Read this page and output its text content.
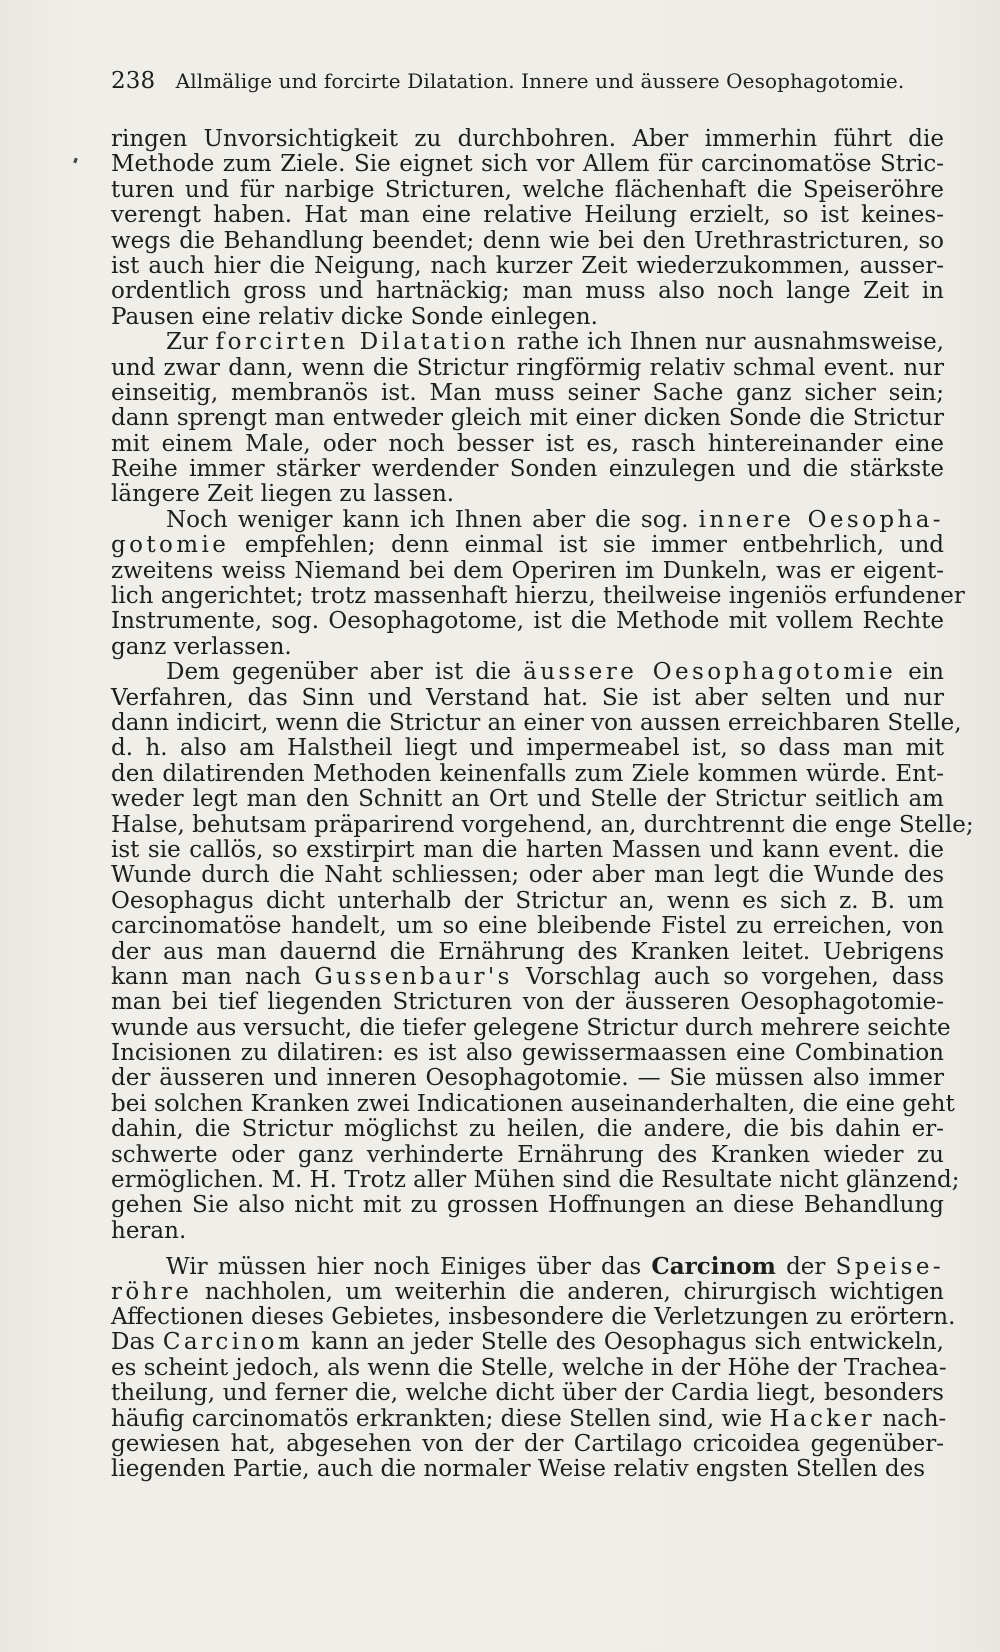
238 Allmälige und forcirte Dilatation. Innere und äussere Oesophagotomie.
ringen Unvorsichtigkeit zu durchbohren. Aber immerhin führt die
Methode zum Ziele. Sie eignet sich vor Allem für carcinomatöse Stric-
turen und für narbige Stricturen, welche flächenhaft die Speiseröhre
verengt haben. Hat man eine relative Heilung erzielt, so ist keines-
wegs die Behandlung beendet; denn wie bei den Urethrastricturen, so
ist auch hier die Neigung, nach kurzer Zeit wiederzukommen, ausser-
ordentlich gross und hartnäckig; man muss also noch lange Zeit in
Pausen eine relativ dicke Sonde einlegen.
Zur forcirten Dilatation rathe ich Ihnen nur ausnahmsweise,
und zwar dann, wenn die Strictur ringförmig relativ schmal event. nur
einseitig, membranös ist. Man muss seiner Sache ganz sicher sein;
dann sprengt man entweder gleich mit einer dicken Sonde die Strictur
mit einem Male, oder noch besser ist es, rasch hintereinander eine
Reihe immer stärker werdender Sonden einzulegen und die stärkste
längere Zeit liegen zu lassen.
Noch weniger kann ich Ihnen aber die sog. innere Oesopha-
gotomie empfehlen; denn einmal ist sie immer entbehrlich, und
zweitens weiss Niemand bei dem Operiren im Dunkeln, was er eigent-
lich angerichtet; trotz massenhaft hierzu, theilweise ingeniös erfundener
Instrumente, sog. Oesophagotome, ist die Methode mit vollem Rechte
ganz verlassen.
Dem gegenüber aber ist die äussere Oesophagotomie ein
Verfahren, das Sinn und Verstand hat. Sie ist aber selten und nur
dann indicirt, wenn die Strictur an einer von aussen erreichbaren Stelle,
d. h. also am Halstheil liegt und impermeabel ist, so dass man mit
den dilatirenden Methoden keinenfalls zum Ziele kommen würde. Ent-
weder legt man den Schnitt an Ort und Stelle der Strictur seitlich am
Halse, behutsam präparirend vorgehend, an, durchtrennt die enge Stelle;
ist sie callös, so exstirpirt man die harten Massen und kann event. die
Wunde durch die Naht schliessen; oder aber man legt die Wunde des
Oesophagus dicht unterhalb der Strictur an, wenn es sich z. B. um
carcinomatöse handelt, um so eine bleibende Fistel zu erreichen, von
der aus man dauernd die Ernährung des Kranken leitet. Uebrigens
kann man nach Gussenbaur's Vorschlag auch so vorgehen, dass
man bei tief liegenden Stricturen von der äusseren Oesophagotomie-
wunde aus versucht, die tiefer gelegene Strictur durch mehrere seichte
Incisionen zu dilatiren: es ist also gewissermaassen eine Combination
der äusseren und inneren Oesophagotomie. — Sie müssen also immer
bei solchen Kranken zwei Indicationen auseinanderhalten, die eine geht
dahin, die Strictur möglichst zu heilen, die andere, die bis dahin er-
schwerte oder ganz verhinderte Ernährung des Kranken wieder zu
ermöglichen. M. H. Trotz aller Mühen sind die Resultate nicht glänzend;
gehen Sie also nicht mit zu grossen Hoffnungen an diese Behandlung
heran.
Wir müssen hier noch Einiges über das Carcinom der Speise-
röhre nachholen, um weiterhin die anderen, chirurgisch wichtigen
Affectionen dieses Gebietes, insbesondere die Verletzungen zu erörtern.
Das Carcinom kann an jeder Stelle des Oesophagus sich entwickeln,
es scheint jedoch, als wenn die Stelle, welche in der Höhe der Trachea-
theilung, und ferner die, welche dicht über der Cardia liegt, besonders
häufig carcinomatös erkrankten; diese Stellen sind, wie Hacker nach-
gewiesen hat, abgesehen von der der Cartilago cricoidea gegenüber-
liegenden Partie, auch die normaler Weise relativ engsten Stellen des
